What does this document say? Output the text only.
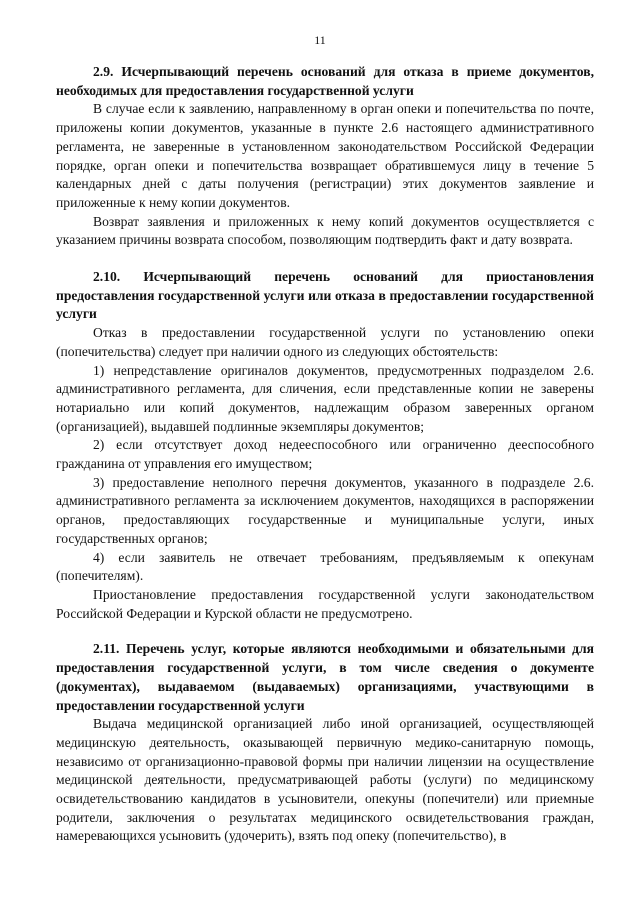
11

2.9. Исчерпывающий перечень оснований для отказа в приеме документов, необходимых для предоставления государственной услуги

В случае если к заявлению, направленному в орган опеки и попечительства по почте, приложены копии документов, указанные в пункте 2.6 настоящего административного регламента, не заверенные в установленном законодательством Российской Федерации порядке, орган опеки и попечительства возвращает обратившемуся лицу в течение 5 календарных дней с даты получения (регистрации) этих документов заявление и приложенные к нему копии документов.

Возврат заявления и приложенных к нему копий документов осуществляется с указанием причины возврата способом, позволяющим подтвердить факт и дату возврата.

2.10. Исчерпывающий перечень оснований для приостановления предоставления государственной услуги или отказа в предоставлении государственной услуги

Отказ в предоставлении государственной услуги по установлению опеки (попечительства) следует при наличии одного из следующих обстоятельств:

1) непредставление оригиналов документов, предусмотренных подразделом 2.6. административного регламента, для сличения, если представленные копии не заверены нотариально или копий документов, надлежащим образом заверенных органом (организацией), выдавшей подлинные экземпляры документов;

2) если отсутствует доход недееспособного или ограниченно дееспособного гражданина от управления его имуществом;

3) предоставление неполного перечня документов, указанного в подразделе 2.6. административного регламента за исключением документов, находящихся в распоряжении органов, предоставляющих государственные и муниципальные услуги, иных государственных органов;

4) если заявитель не отвечает требованиям, предъявляемым к опекунам (попечителям).

Приостановление предоставления государственной услуги законодательством Российской Федерации и Курской области не предусмотрено.

2.11. Перечень услуг, которые являются необходимыми и обязательными для предоставления государственной услуги, в том числе сведения о документе (документах), выдаваемом (выдаваемых) организациями, участвующими в предоставлении государственной услуги

Выдача медицинской организацией либо иной организацией, осуществляющей медицинскую деятельность, оказывающей первичную медико-санитарную помощь, независимо от организационно-правовой формы при наличии лицензии на осуществление медицинской деятельности, предусматривающей работы (услуги) по медицинскому освидетельствованию кандидатов в усыновители, опекуны (попечители) или приемные родители, заключения о результатах медицинского освидетельствования граждан, намеревающихся усыновить (удочерить), взять под опеку (попечительство), в
